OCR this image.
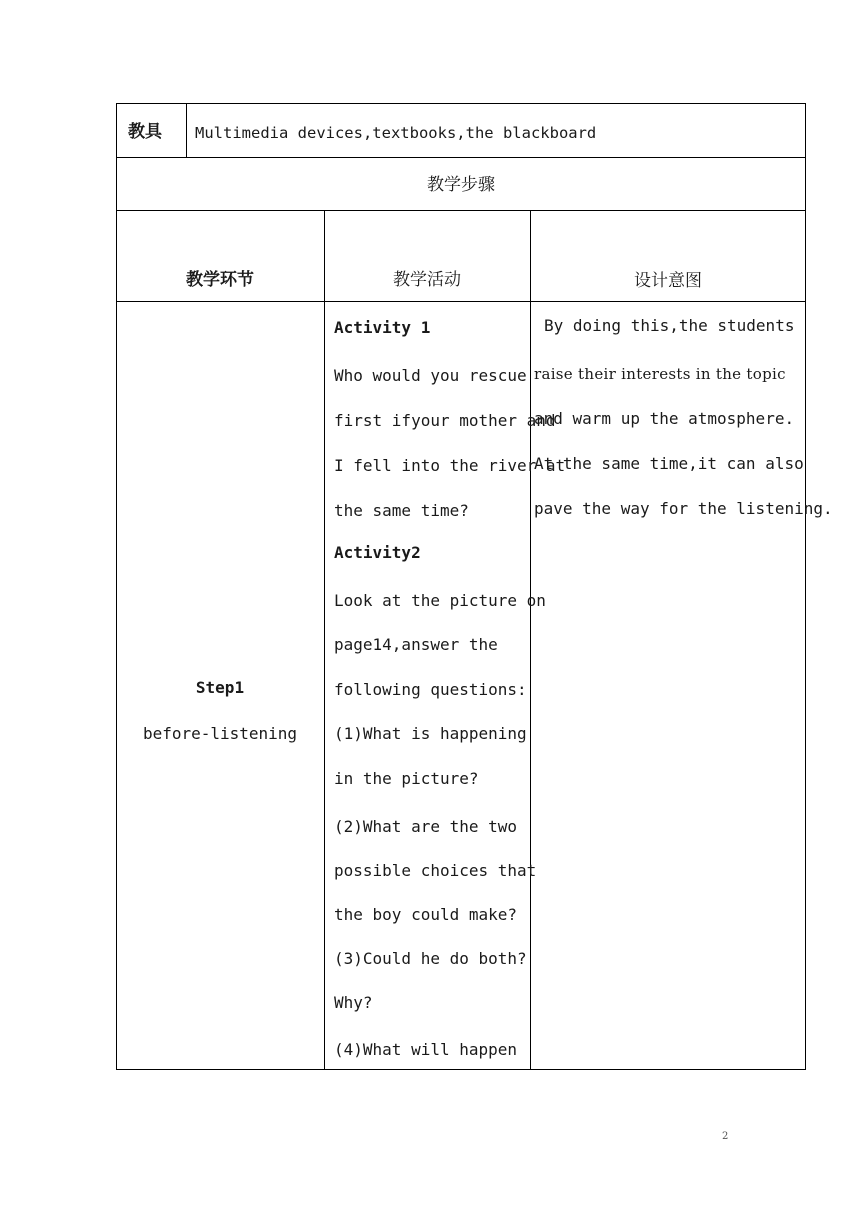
教具 Multimedia devices,textbooks,the blackboard
教学步骤
教学环节	教学活动	设计意图
Step1
before-listening
Activity 1
Who would you rescue
first ifyour mother and
I fell into the river at
the same time?
Activity2
Look at the picture on
page14,answer the
following questions:
(1)What is happening
in the picture?
(2)What are the two
possible choices that
the boy could make?
(3)Could he do both?
Why?
(4)What will happen
By doing this,the students
raise their interests in the topic
and warm up the atmosphere.
At the same time,it can also
pave the way for the listening.
2
